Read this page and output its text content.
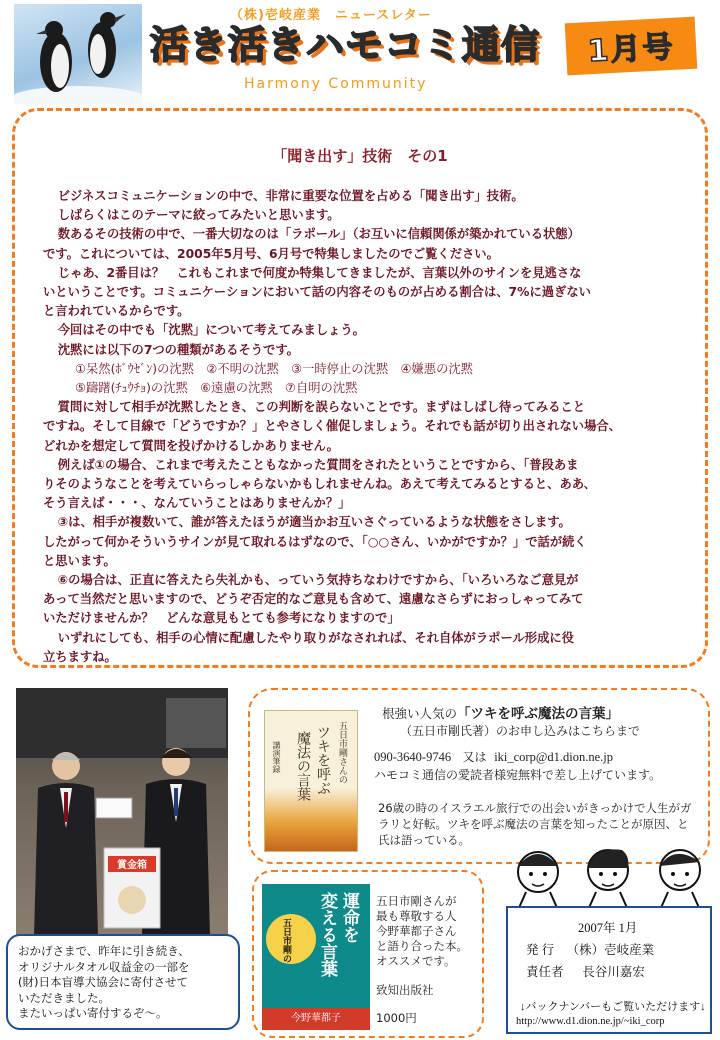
（株)壱岐産業　ニュースレター
活き活きハモコミ通信
Harmony Community
1月号
「聞き出す」技術　その1

ビジネスコミュニケーションの中で、非常に重要な位置を占める「聞き出す」技術。

しばらくはこのテーマに絞ってみたいと思います。

数あるその技術の中で、一番大切なのは「ラポール」（お互いに信頼関係が築かれている状態）

です。これについては、2005年5月号、6月号で特集しましたのでご覧ください。

じゃあ、2番目は？　これもこれまで何度か特集してきましたが、言葉以外のサインを見逃さな

いということです。コミュニケーションにおいて話の内容そのものが占める割合は、7%に過ぎない

と言われているからです。

今回はその中でも「沈黙」について考えてみましょう。

沈黙には以下の7つの種類があるそうです。

①呆然(ﾎﾞｳｾﾞﾝ)の沈黙　②不明の沈黙　③一時停止の沈黙　④嫌悪の沈黙

⑤躊躇(ﾁｭｳﾁｮ)の沈黙　⑥遠慮の沈黙　⑦自明の沈黙

質問に対して相手が沈黙したとき、この判断を誤らないことです。まずはしばし待ってみること

ですね。そして目線で「どうですか？」とやさしく催促しましょう。それでも話が切り出されない場合、

どれかを想定して質問を投げかけるしかありません。

例えば①の場合、これまで考えたこともなかった質問をされたということですから、「普段あま

りそのようなことを考えていらっしゃらないかもしれませんね。あえて考えてみるとすると、ああ、

そう言えば・・・、なんていうことはありませんか？」

③は、相手が複数いて、誰が答えたほうが適当かお互いさぐっているような状態をさします。

したがって何かそういうサインが見て取れるはずなので、「○○さん、いかがですか？」で話が続く

と思います。

⑥の場合は、正直に答えたら失礼かも、っていう気持ちなわけですから、「いろいろなご意見が

あって当然だと思いますので、どうぞ否定的なご意見も含めて、遠慮なさらずにおっしゃってみて

いただけませんか？　どんな意見もとても参考になりますので」

いずれにしても、相手の心情に配慮したやり取りがなされれば、それ自体がラポール形成に役

立ちますね。

賞金箱
おかげさまで、昨年に引き続き、
オリジナルタオル収益金の一部を
(財)日本盲導犬協会に寄付させて
いただきました。
またいっぱい寄付するぞ〜。
五日市剛さんの
ツキを呼ぶ
魔法の言葉
講演筆録
根強い人気の「ツキを呼ぶ魔法の言葉」
（五日市剛氏著）のお申し込みはこちらまで
090-3640-9746 又は iki_corp@d1.dion.ne.jp
ハモコミ通信の愛読者様宛無料で差し上げています。
26歳の時のイスラエル旅行での出会いがきっかけで人生がガラリと好転。ツキを呼ぶ魔法の言葉を知ったことが原因、と氏は語っている。
運命を
変える言葉
五日市剛の
今野華都子
五日市剛さんが
最も尊敬する人
今野華都子さん
と語り合った本。
オススメです。
致知出版社
1000円
2007年 1月
発 行 （株）壱岐産業
責任者 長谷川嘉宏
↓バックナンバーもご覧いただけます↓
http://www.d1.dion.ne.jp/~iki_corp
